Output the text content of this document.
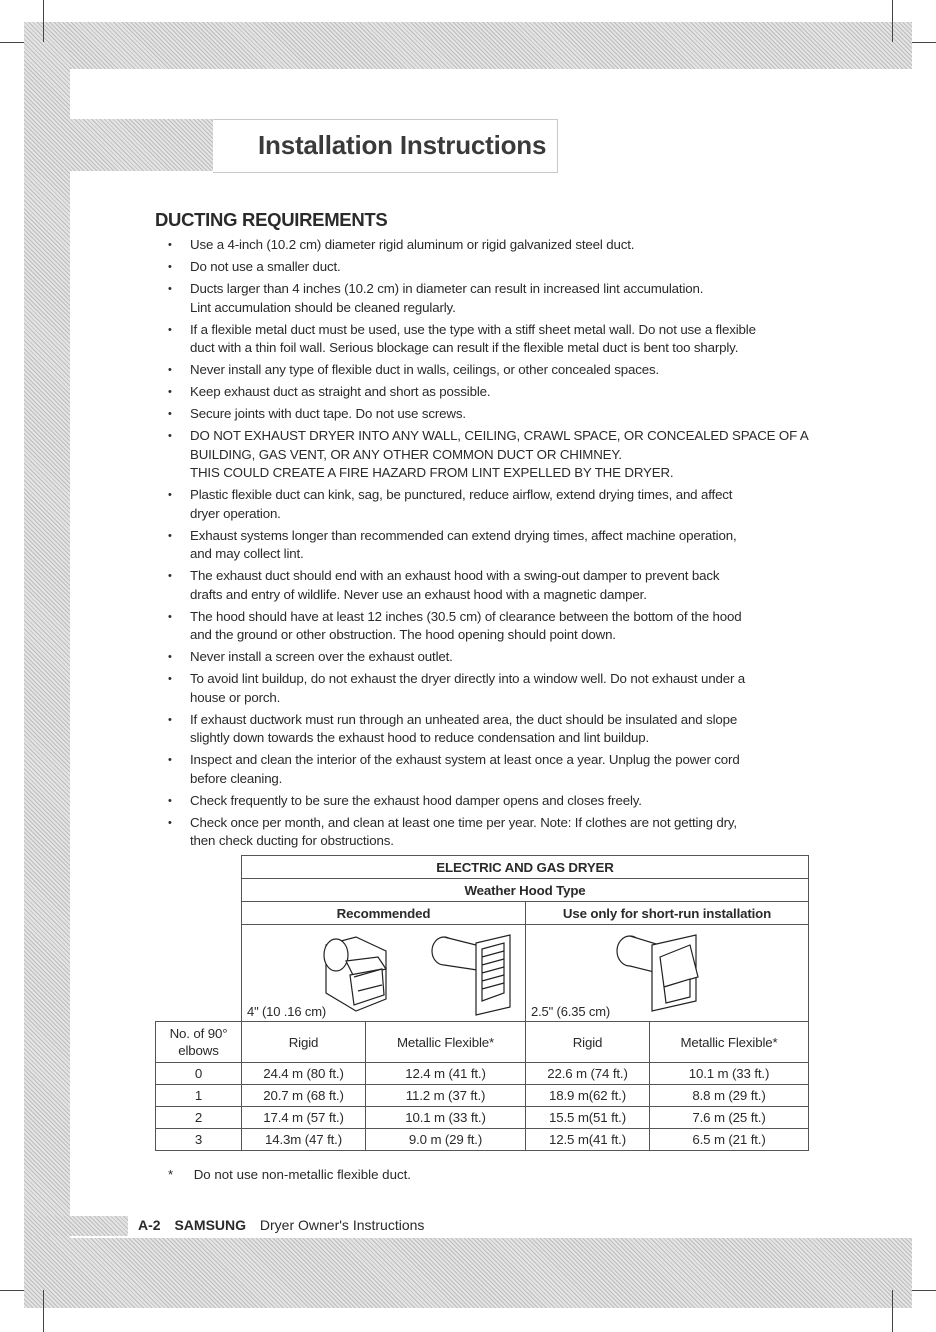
Installation Instructions
DUCTING REQUIREMENTS
• Use a 4-inch (10.2 cm) diameter rigid aluminum or rigid galvanized steel duct.
• Do not use a smaller duct.
• Ducts larger than 4 inches (10.2 cm) in diameter can result in increased lint accumulation.
Lint accumulation should be cleaned regularly.
• If a flexible metal duct must be used, use the type with a stiff sheet metal wall. Do not use a flexible
duct with a thin foil wall. Serious blockage can result if the flexible metal duct is bent too sharply.
• Never install any type of flexible duct in walls, ceilings, or other concealed spaces.
• Keep exhaust duct as straight and short as possible.
• Secure joints with duct tape. Do not use screws.
• DO NOT EXHAUST DRYER INTO ANY WALL, CEILING, CRAWL SPACE, OR CONCEALED SPACE OF A
BUILDING, GAS VENT, OR ANY OTHER COMMON DUCT OR CHIMNEY.
THIS COULD CREATE A FIRE HAZARD FROM LINT EXPELLED BY THE DRYER.
• Plastic flexible duct can kink, sag, be punctured, reduce airflow, extend drying times, and affect
dryer operation.
• Exhaust systems longer than recommended can extend drying times, affect machine operation,
and may collect lint.
• The exhaust duct should end with an exhaust hood with a swing-out damper to prevent back
drafts and entry of wildlife. Never use an exhaust hood with a magnetic damper.
• The hood should have at least 12 inches (30.5 cm) of clearance between the bottom of the hood
and the ground or other obstruction. The hood opening should point down.
• Never install a screen over the exhaust outlet.
• To avoid lint buildup, do not exhaust the dryer directly into a window well. Do not exhaust under a
house or porch.
• If exhaust ductwork must run through an unheated area, the duct should be insulated and slope
slightly down towards the exhaust hood to reduce condensation and lint buildup.
• Inspect and clean the interior of the exhaust system at least once a year. Unplug the power cord
before cleaning.
• Check frequently to be sure the exhaust hood damper opens and closes freely.
• Check once per month, and clean at least one time per year. Note: If clothes are not getting dry,
then check ducting for obstructions.
	ELECTRIC AND GAS DRYER			
	Weather Hood Type			
	Recommended		Use only for short-run installation	

	4" (10 .16 cm)		2.5" (6.35 cm)	

No. of 90° elbows	Rigid	Metallic Flexible*	Rigid	Metallic Flexible*
0	24.4 m (80 ft.)	12.4 m (41 ft.)	22.6 m (74 ft.)	10.1 m (33 ft.)
1	20.7 m (68 ft.)	11.2 m (37 ft.)	18.9 m(62 ft.)	8.8 m (29 ft.)
2	17.4 m (57 ft.)	10.1 m (33 ft.)	15.5 m(51 ft.)	7.6 m (25 ft.)
3	14.3m (47 ft.)	9.0 m (29 ft.)	12.5 m(41 ft.)	6.5 m (21 ft.)
* Do not use non-metallic flexible duct.
A-2 SAMSUNG Dryer Owner's Instructions
